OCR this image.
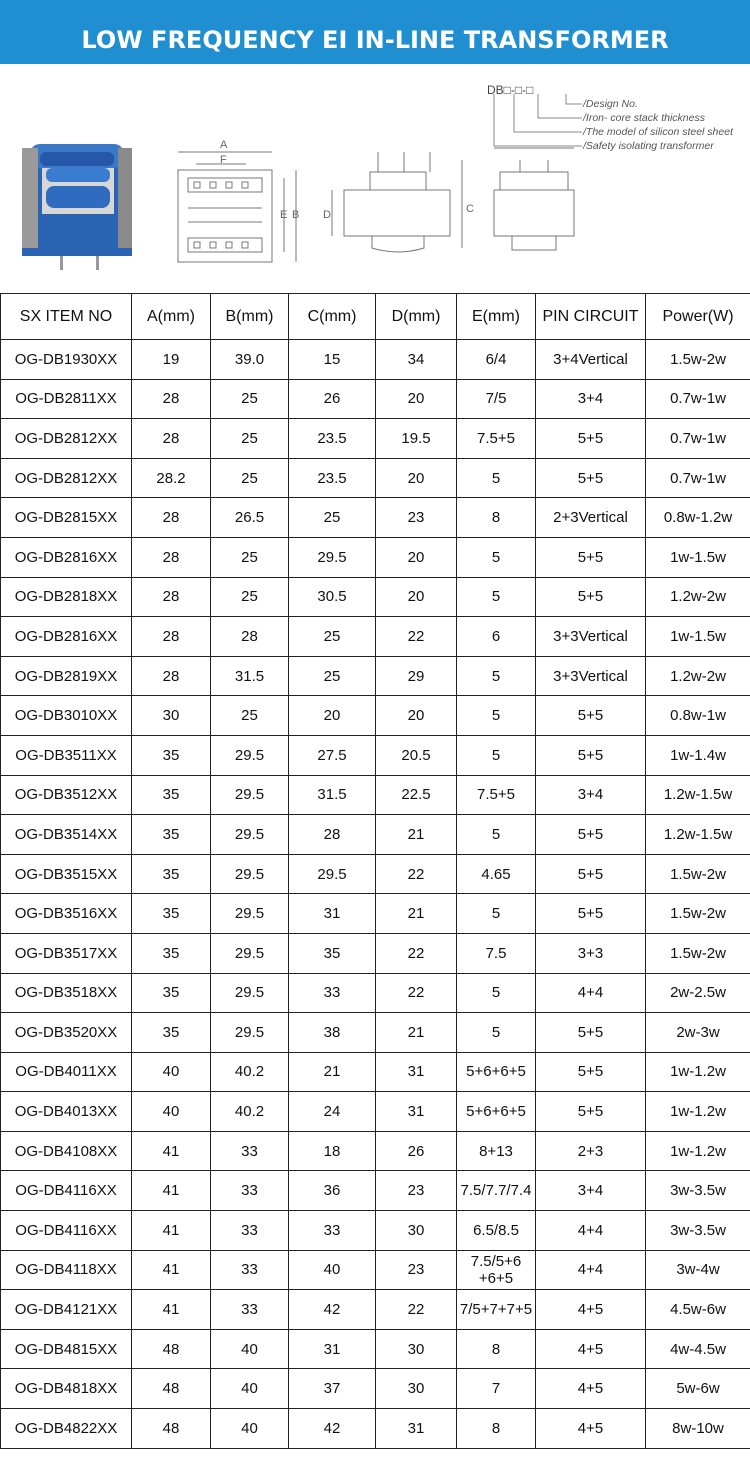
LOW FREQUENCY EI IN-LINE TRANSFORMER
A
F
E B D	C
DB□-□-□
/Design No.
/Iron- core stack thickness
/The model of silicon steel sheet
/Safety isolating transformer
SX ITEM NO	A(mm)	B(mm)	C(mm)	D(mm)	E(mm)	PIN CIRCUIT	Power(W)
OG-DB1930XX	19	39.0	15	34	6/4	3+4Vertical	1.5w-2w
OG-DB2811XX	28	25	26	20	7/5	3+4	0.7w-1w
OG-DB2812XX	28	25	23.5	19.5	7.5+5	5+5	0.7w-1w
OG-DB2812XX	28.2	25	23.5	20	5	5+5	0.7w-1w
OG-DB2815XX	28	26.5	25	23	8	2+3Vertical	0.8w-1.2w
OG-DB2816XX	28	25	29.5	20	5	5+5	1w-1.5w
OG-DB2818XX	28	25	30.5	20	5	5+5	1.2w-2w
OG-DB2816XX	28	28	25	22	6	3+3Vertical	1w-1.5w
OG-DB2819XX	28	31.5	25	29	5	3+3Vertical	1.2w-2w
OG-DB3010XX	30	25	20	20	5	5+5	0.8w-1w
OG-DB3511XX	35	29.5	27.5	20.5	5	5+5	1w-1.4w
OG-DB3512XX	35	29.5	31.5	22.5	7.5+5	3+4	1.2w-1.5w
OG-DB3514XX	35	29.5	28	21	5	5+5	1.2w-1.5w
OG-DB3515XX	35	29.5	29.5	22	4.65	5+5	1.5w-2w
OG-DB3516XX	35	29.5	31	21	5	5+5	1.5w-2w
OG-DB3517XX	35	29.5	35	22	7.5	3+3	1.5w-2w
OG-DB3518XX	35	29.5	33	22	5	4+4	2w-2.5w
OG-DB3520XX	35	29.5	38	21	5	5+5	2w-3w
OG-DB4011XX	40	40.2	21	31	5+6+6+5	5+5	1w-1.2w
OG-DB4013XX	40	40.2	24	31	5+6+6+5	5+5	1w-1.2w
OG-DB4108XX	41	33	18	26	8+13	2+3	1w-1.2w
OG-DB4116XX	41	33	36	23	7.5/7.7/7.4	3+4	3w-3.5w
OG-DB4116XX	41	33	33	30	6.5/8.5	4+4	3w-3.5w
OG-DB4118XX	41	33	40	23	7.5/5+6 +6+5	4+4	3w-4w
OG-DB4121XX	41	33	42	22	7/5+7+7+5	4+5	4.5w-6w
OG-DB4815XX	48	40	31	30	8	4+5	4w-4.5w
OG-DB4818XX	48	40	37	30	7	4+5	5w-6w
OG-DB4822XX	48	40	42	31	8	4+5	8w-10w
